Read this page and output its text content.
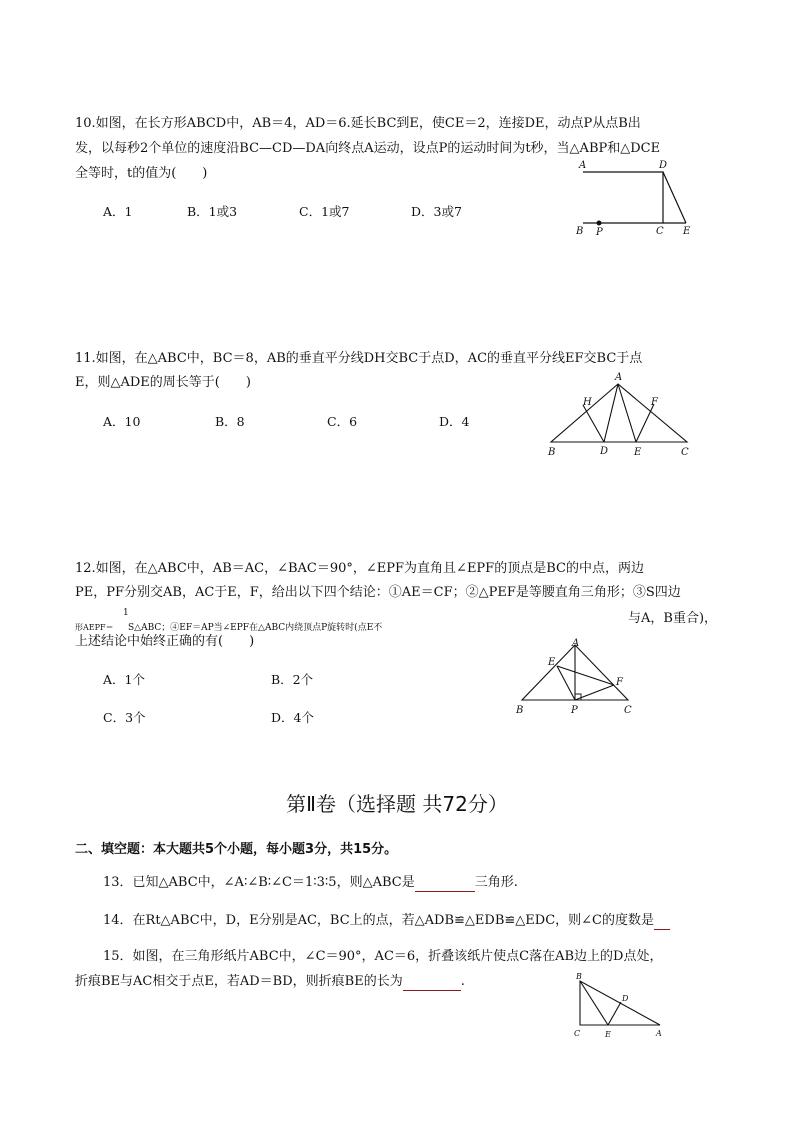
10.如图，在长方形ABCD中，AB＝4，AD＝6.延长BC到E，使CE＝2，连接DE，动点P从点B出
发，以每秒2个单位的速度沿BC—CD—DA向终点A运动，设点P的运动时间为t秒，当△ABP和△DCE
全等时，t的值为(　　)
A．1	B．1或3	C．1或7	D．3或7
A	D
B P	C E
11.如图，在△ABC中，BC＝8，AB的垂直平分线DH交BC于点D，AC的垂直平分线EF交BC于点
E，则△ADE的周长等于(　　)
A．10	B．8	C．6	D．4
A
H	F
B	D	E	C
12.如图，在△ABC中，AB＝AC，∠BAC＝90°，∠EPF为直角且∠EPF的顶点是BC的中点，两边
PE，PF分别交AB，AC于E，F，给出以下四个结论：①AE＝CF；②△PEF是等腰直角三角形；③S四边
形AEPF＝
1
S△ABC；④EF＝AP当∠EPF在△ABC内绕顶点P旋转时(点E不
与A，B重合)，
上述结论中始终正确的有(　　)
A．1个	B．2个
C．3个	D．4个
A
E
F
B	P	C
第Ⅱ卷（选择题 共72分）
二、填空题：本大题共5个小题，每小题3分，共15分。
13．已知△ABC中，∠A∶∠B∶∠C＝1∶3∶5，则△ABC是	三角形.
14．在Rt△ABC中，D，E分别是AC，BC上的点，若△ADB≌△EDB≌△EDC，则∠C的度数是
15．如图，在三角形纸片ABC中，∠C＝90°，AC＝6，折叠该纸片使点C落在AB边上的D点处，
折痕BE与AC相交于点E，若AD＝BD，则折痕BE的长为	.	B
D
C	E	A
